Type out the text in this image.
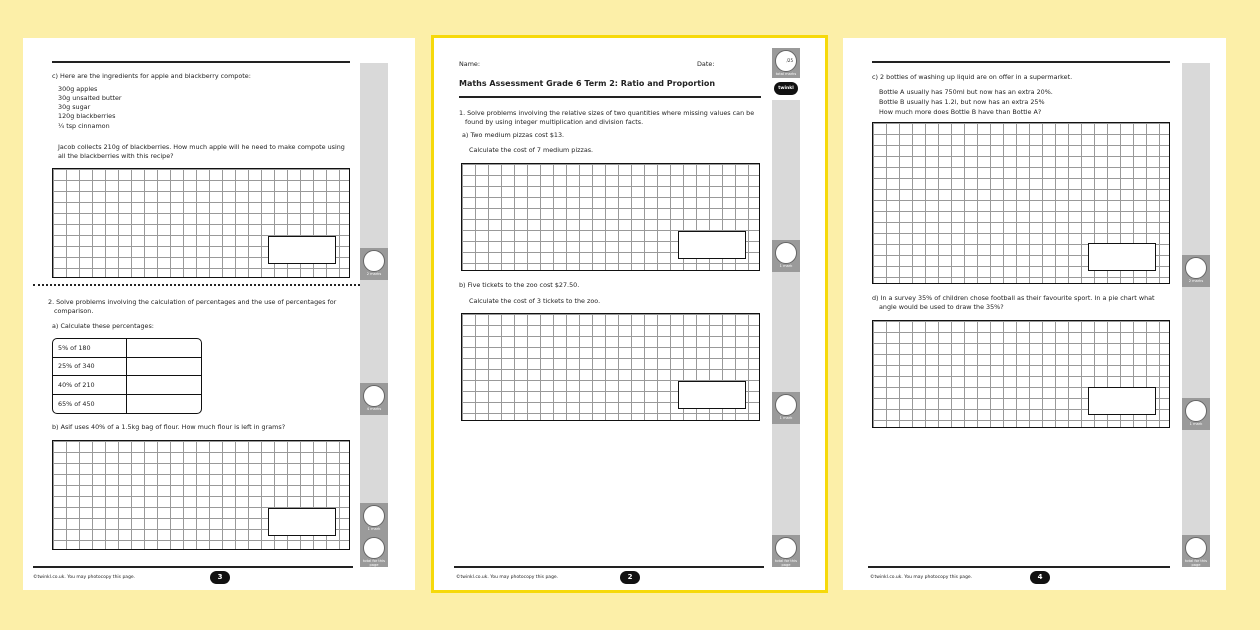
c) Here are the ingredients for apple and blackberry compote:
300g apples
30g unsalted butter
30g sugar
120g blackberries
¼ tsp cinnamon
Jacob collects 210g of blackberries. How much apple will he need to make compote using
all the blackberries with this recipe?
2. Solve problems involving the calculation of percentages and the use of percentages for
comparison.
a) Calculate these percentages:
5% of 180	
25% of 340	
40% of 210	
65% of 450	
b) Asif uses 40% of a 1.5kg bag of flour. How much flour is left in grams?
2 marks
4 marks
1 mark
total for this page
©twinkl.co.uk. You may photocopy this page.	3
Name:	Date:
Maths Assessment Grade 6 Term 2: Ratio and Proportion
1. Solve problems involving the relative sizes of two quantities where missing values can be
found by using integer multiplication and division facts.
a) Two medium pizzas cost $13.
Calculate the cost of 7 medium pizzas.
b) Five tickets to the zoo cost $27.50.
Calculate the cost of 3 tickets to the zoo.
/25
total marks
twinkl
1 mark
1 mark
total for this page
©twinkl.co.uk. You may photocopy this page.	2
c) 2 bottles of washing up liquid are on offer in a supermarket.
Bottle A usually has 750ml but now has an extra 20%.
Bottle B usually has 1.2l, but now has an extra 25%
How much more does Bottle B have than Bottle A?
d) In a survey 35% of children chose football as their favourite sport. In a pie chart what
angle would be used to draw the 35%?
2 marks
1 mark
total for this page
©twinkl.co.uk. You may photocopy this page.	4
